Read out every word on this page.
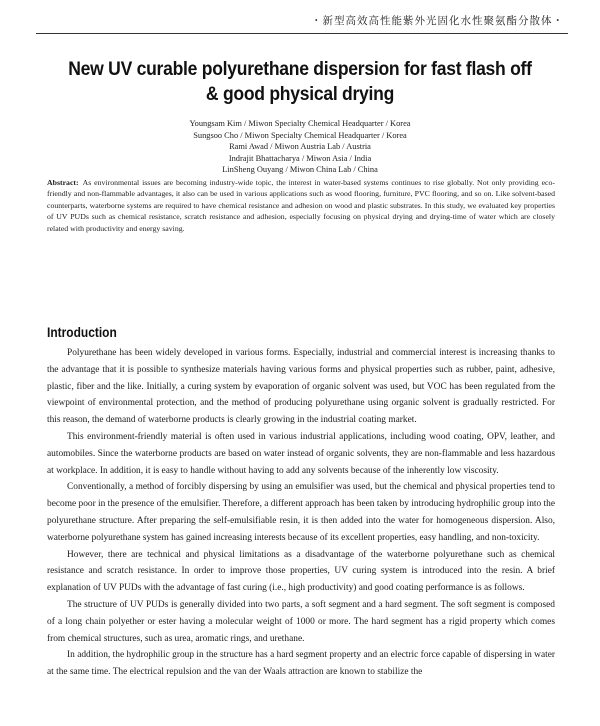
・新型高效高性能紫外光固化水性聚氨酯分散体・
New UV curable polyurethane dispersion for fast flash off
& good physical drying
Youngsam Kim / Miwon Specialty Chemical Headquarter / Korea
Sungsoo Cho / Miwon Specialty Chemical Headquarter / Korea
Rami Awad / Miwon Austria Lab / Austria
Indrajit Bhattacharya / Miwon Asia / India
LinSheng Ouyang / Miwon China Lab / China
Abstract: As environmental issues are becoming industry-wide topic, the interest in water-based systems continues to rise globally. Not only providing eco-friendly and non-flammable advantages, it also can be used in various applications such as wood flooring, furniture, PVC flooring, and so on. Like solvent-based counterparts, waterborne systems are required to have chemical resistance and adhesion on wood and plastic substrates. In this study, we evaluated key properties of UV PUDs such as chemical resistance, scratch resistance and adhesion, especially focusing on physical drying and drying-time of water which are closely related with productivity and energy saving.
Introduction

Polyurethane has been widely developed in various forms. Especially, industrial and commercial interest is increasing thanks to the advantage that it is possible to synthesize materials having various forms and physical properties such as rubber, paint, adhesive, plastic, fiber and the like. Initially, a curing system by evaporation of organic solvent was used, but VOC has been regulated from the viewpoint of environmental protection, and the method of producing polyurethane using organic solvent is gradually restricted. For this reason, the demand of waterborne products is clearly growing in the industrial coating market.

This environment-friendly material is often used in various industrial applications, including wood coating, OPV, leather, and automobiles. Since the waterborne products are based on water instead of organic solvents, they are non-flammable and less hazardous at workplace. In addition, it is easy to handle without having to add any solvents because of the inherently low viscosity.

Conventionally, a method of forcibly dispersing by using an emulsifier was used, but the chemical and physical properties tend to become poor in the presence of the emulsifier. Therefore, a different approach has been taken by introducing hydrophilic group into the polyurethane structure. After preparing the self-emulsifiable resin, it is then added into the water for homogeneous dispersion. Also, waterborne polyurethane system has gained increasing interests because of its excellent properties, easy handling, and non-toxicity.

However, there are technical and physical limitations as a disadvantage of the waterborne polyurethane such as chemical resistance and scratch resistance. In order to improve those properties, UV curing system is introduced into the resin. A brief explanation of UV PUDs with the advantage of fast curing (i.e., high productivity) and good coating performance is as follows.

The structure of UV PUDs is generally divided into two parts, a soft segment and a hard segment. The soft segment is composed of a long chain polyether or ester having a molecular weight of 1000 or more. The hard segment has a rigid property which comes from chemical structures, such as urea, aromatic rings, and urethane.

In addition, the hydrophilic group in the structure has a hard segment property and an electric force capable of dispersing in water at the same time. The electrical repulsion and the van der Waals attraction are known to stabilize the
